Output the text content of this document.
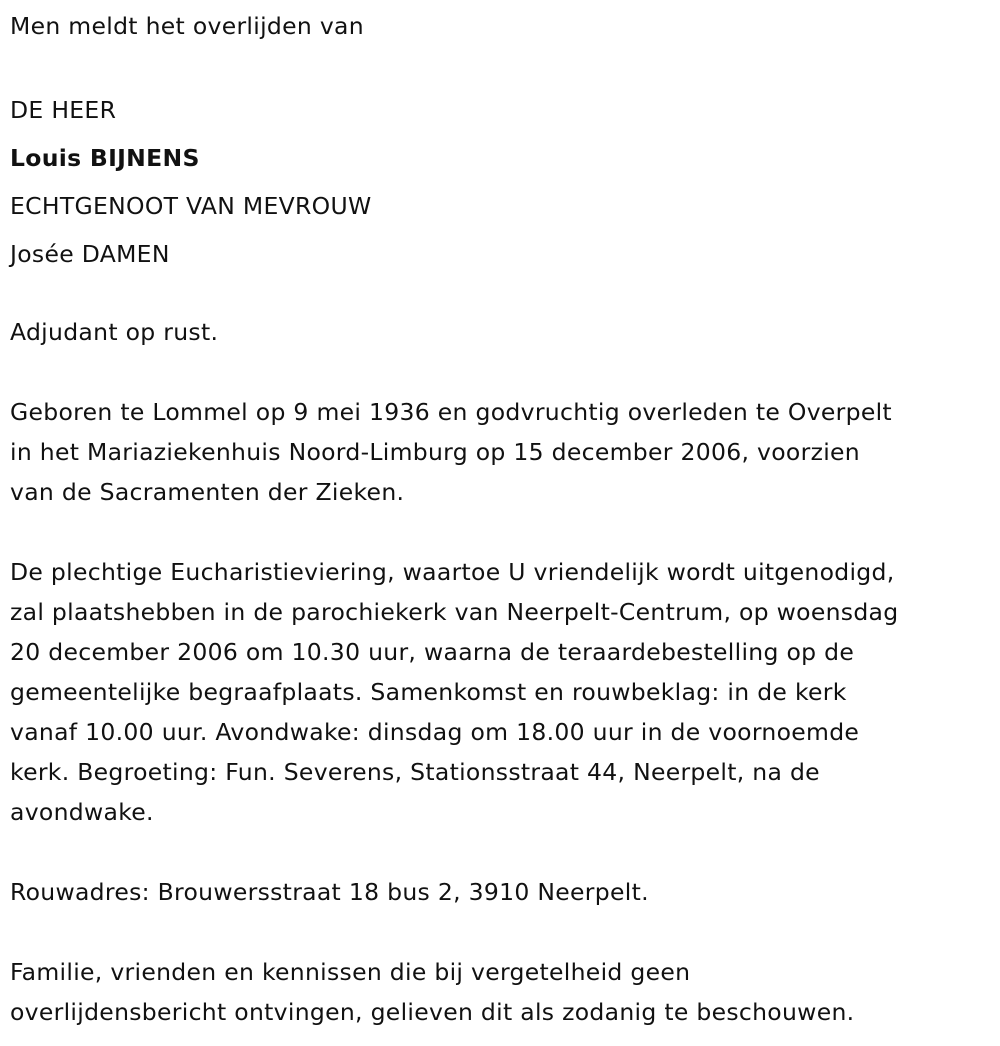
Men meldt het overlijden van

DE HEER

Louis BIJNENS

ECHTGENOOT VAN MEVROUW

Josée DAMEN

Adjudant op rust.

Geboren te Lommel op 9 mei 1936 en godvruchtig overleden te Overpelt

in het Mariaziekenhuis Noord-Limburg op 15 december 2006, voorzien

van de Sacramenten der Zieken.

De plechtige Eucharistieviering, waartoe U vriendelijk wordt uitgenodigd,

zal plaatshebben in de parochiekerk van Neerpelt-Centrum, op woensdag

20 december 2006 om 10.30 uur, waarna de teraardebestelling op de

gemeentelijke begraafplaats. Samenkomst en rouwbeklag: in de kerk

vanaf 10.00 uur. Avondwake: dinsdag om 18.00 uur in de voornoemde

kerk. Begroeting: Fun. Severens, Stationsstraat 44, Neerpelt, na de

avondwake.

Rouwadres: Brouwersstraat 18 bus 2, 3910 Neerpelt.

Familie, vrienden en kennissen die bij vergetelheid geen

overlijdensbericht ontvingen, gelieven dit als zodanig te beschouwen.
